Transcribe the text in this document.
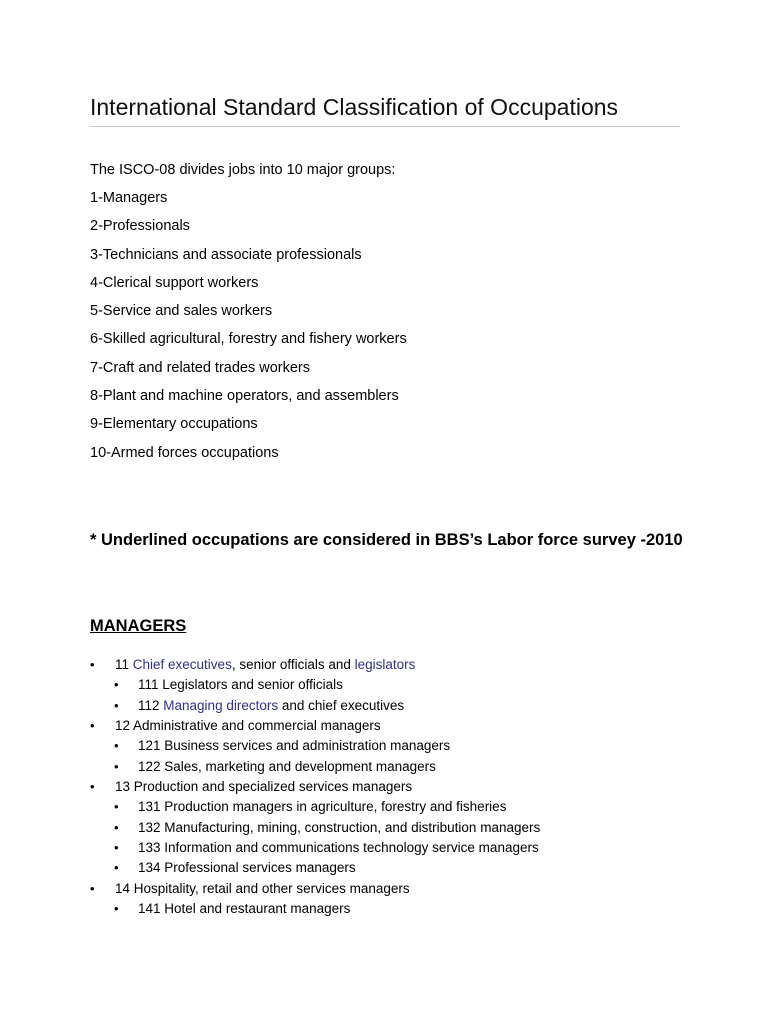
International Standard Classification of Occupations

The ISCO-08 divides jobs into 10 major groups:

1-Managers
2-Professionals
3-Technicians and associate professionals
4-Clerical support workers
5-Service and sales workers
6-Skilled agricultural, forestry and fishery workers
7-Craft and related trades workers
8-Plant and machine operators, and assemblers
9-Elementary occupations
10-Armed forces occupations

* Underlined occupations are considered in BBS’s Labor force survey -2010

MANAGERS
• 11 Chief executives, senior officials and legislators
• 111 Legislators and senior officials
• 112 Managing directors and chief executives
• 12 Administrative and commercial managers
• 121 Business services and administration managers
• 122 Sales, marketing and development managers
• 13 Production and specialized services managers
• 131 Production managers in agriculture, forestry and fisheries
• 132 Manufacturing, mining, construction, and distribution managers
• 133 Information and communications technology service managers
• 134 Professional services managers
• 14 Hospitality, retail and other services managers
• 141 Hotel and restaurant managers
